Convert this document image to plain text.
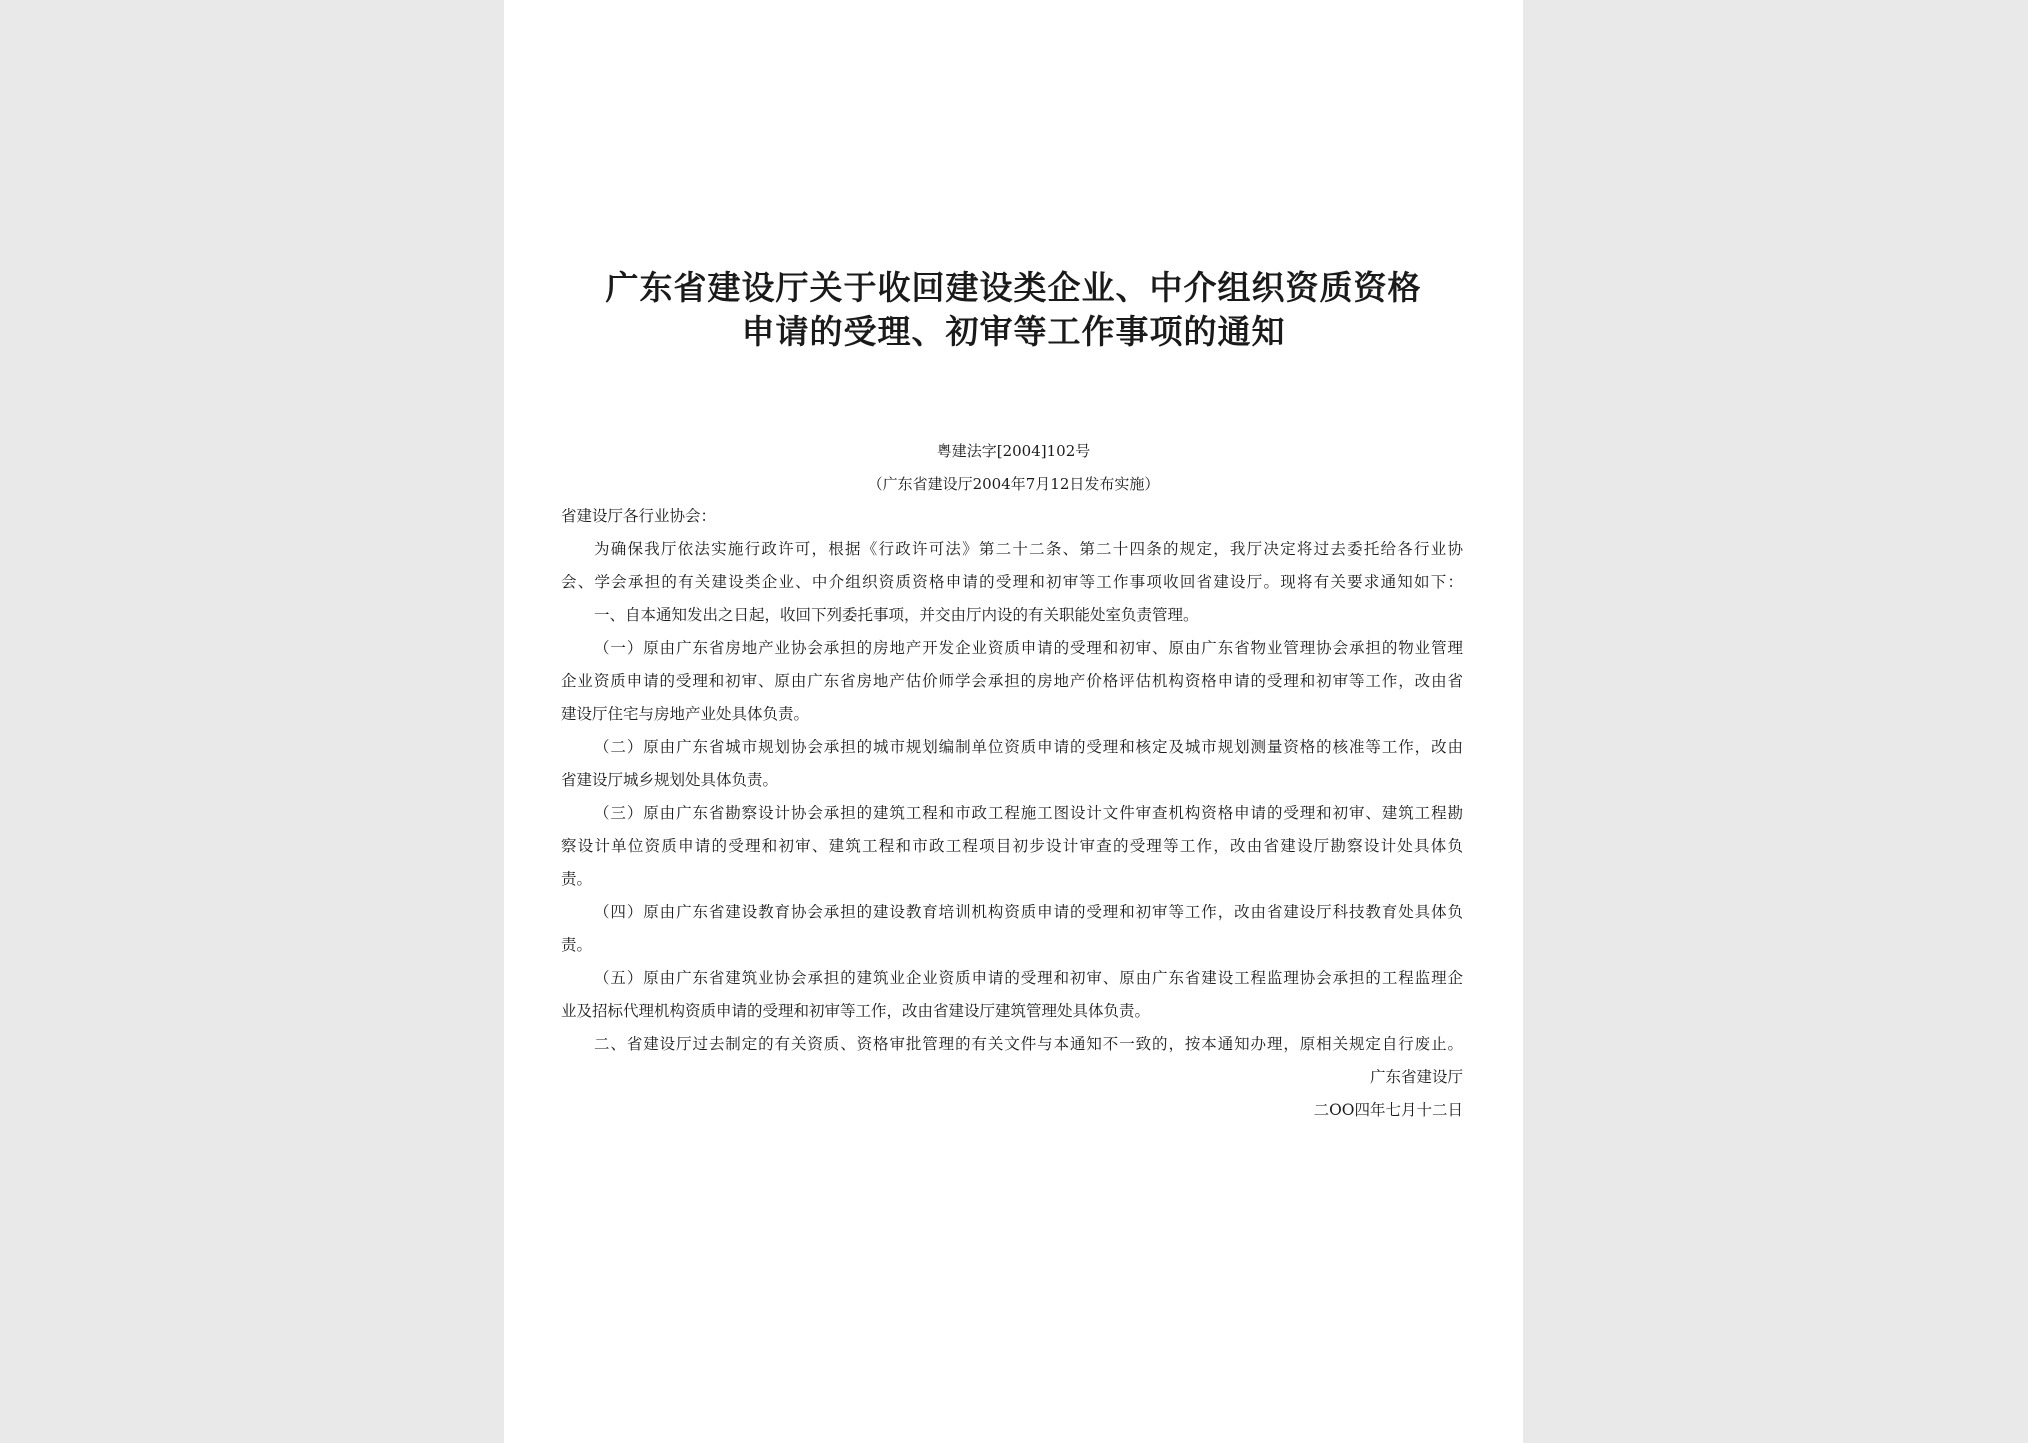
广东省建设厅关于收回建设类企业、中介组织资质资格
申请的受理、初审等工作事项的通知
粤建法字[2004]102号
（广东省建设厅2004年7月12日发布实施）
省建设厅各行业协会：
为确保我厅依法实施行政许可，根据《行政许可法》第二十二条、第二十四条的规定，我厅决定将过去委托给各行业协
会、学会承担的有关建设类企业、中介组织资质资格申请的受理和初审等工作事项收回省建设厅。现将有关要求通知如下：
一、自本通知发出之日起，收回下列委托事项，并交由厅内设的有关职能处室负责管理。
（一）原由广东省房地产业协会承担的房地产开发企业资质申请的受理和初审、原由广东省物业管理协会承担的物业管理
企业资质申请的受理和初审、原由广东省房地产估价师学会承担的房地产价格评估机构资格申请的受理和初审等工作，改由省
建设厅住宅与房地产业处具体负责。
（二）原由广东省城市规划协会承担的城市规划编制单位资质申请的受理和核定及城市规划测量资格的核准等工作，改由
省建设厅城乡规划处具体负责。
（三）原由广东省勘察设计协会承担的建筑工程和市政工程施工图设计文件审查机构资格申请的受理和初审、建筑工程勘
察设计单位资质申请的受理和初审、建筑工程和市政工程项目初步设计审查的受理等工作，改由省建设厅勘察设计处具体负
责。
（四）原由广东省建设教育协会承担的建设教育培训机构资质申请的受理和初审等工作，改由省建设厅科技教育处具体负
责。
（五）原由广东省建筑业协会承担的建筑业企业资质申请的受理和初审、原由广东省建设工程监理协会承担的工程监理企
业及招标代理机构资质申请的受理和初审等工作，改由省建设厅建筑管理处具体负责。
二、省建设厅过去制定的有关资质、资格审批管理的有关文件与本通知不一致的，按本通知办理，原相关规定自行废止。
广东省建设厅
二OO四年七月十二日
